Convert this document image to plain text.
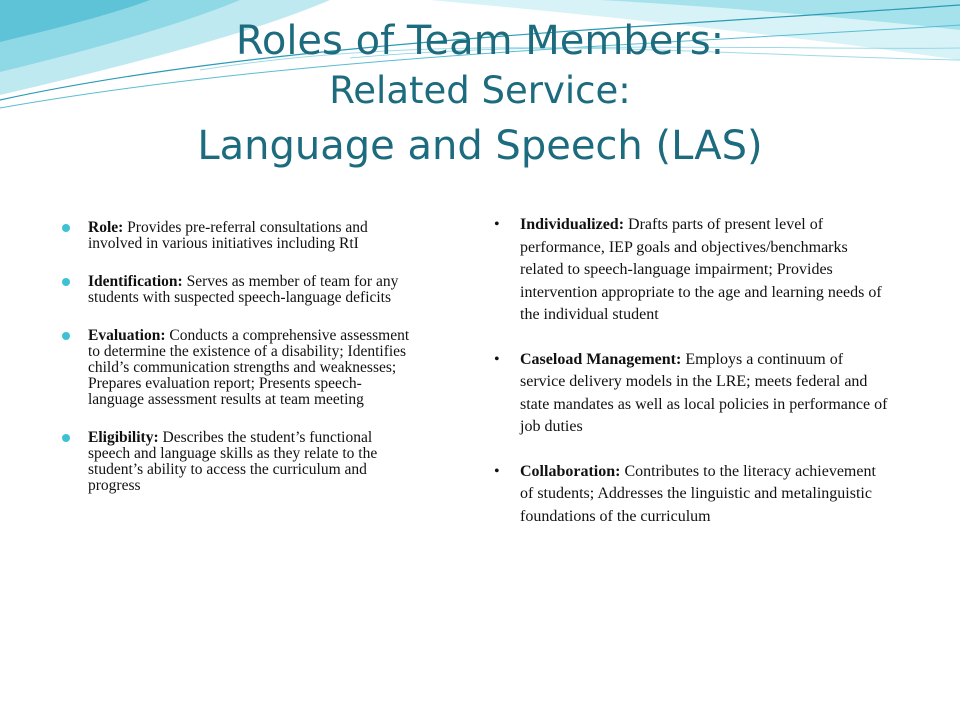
Roles of Team Members:
Related Service:
Language and Speech (LAS)
Role: Provides pre-referral consultations and involved in various initiatives including RtI
Identification: Serves as member of team for any students with suspected speech-language deficits
Evaluation: Conducts a comprehensive assessment to determine the existence of a disability; Identifies child’s communication strengths and weaknesses; Prepares evaluation report; Presents speech-language assessment results at team meeting
Eligibility: Describes the student’s functional speech and language skills as they relate to the student’s ability to access the curriculum and progress
• Individualized: Drafts parts of present level of performance, IEP goals and objectives/benchmarks related to speech-language impairment; Provides intervention appropriate to the age and learning needs of the individual student
• Caseload Management: Employs a continuum of service delivery models in the LRE; meets federal and state mandates as well as local policies in performance of job duties
• Collaboration: Contributes to the literacy achievement of students; Addresses the linguistic and metalinguistic foundations of the curriculum
